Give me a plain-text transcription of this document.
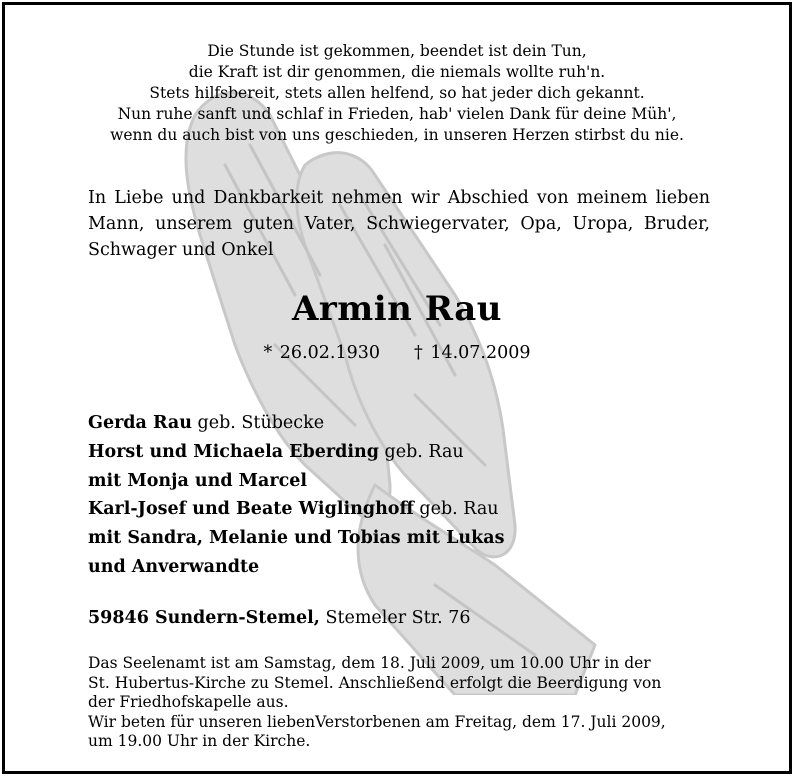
Die Stunde ist gekommen, beendet ist dein Tun,
die Kraft ist dir genommen, die niemals wollte ruh'n.
Stets hilfsbereit, stets allen helfend, so hat jeder dich gekannt.
Nun ruhe sanft und schlaf in Frieden, hab' vielen Dank für deine Müh',
wenn du auch bist von uns geschieden, in unseren Herzen stirbst du nie.
In Liebe und Dankbarkeit nehmen wir Abschied von meinem lieben Mann, unserem guten Vater, Schwiegervater, Opa, Uropa, Bruder, Schwager und Onkel
Armin Rau
* 26.02.1930 † 14.07.2009
Gerda Rau geb. Stübecke
Horst und Michaela Eberding geb. Rau
mit Monja und Marcel
Karl-Josef und Beate Wiglinghoff geb. Rau
mit Sandra, Melanie und Tobias mit Lukas
und Anverwandte
59846 Sundern-Stemel, Stemeler Str. 76
Das Seelenamt ist am Samstag, dem 18. Juli 2009, um 10.00 Uhr in der
St. Hubertus-Kirche zu Stemel. Anschließend erfolgt die Beerdigung von
der Friedhofskapelle aus.
Wir beten für unseren liebenVerstorbenen am Freitag, dem 17. Juli 2009,
um 19.00 Uhr in der Kirche.
